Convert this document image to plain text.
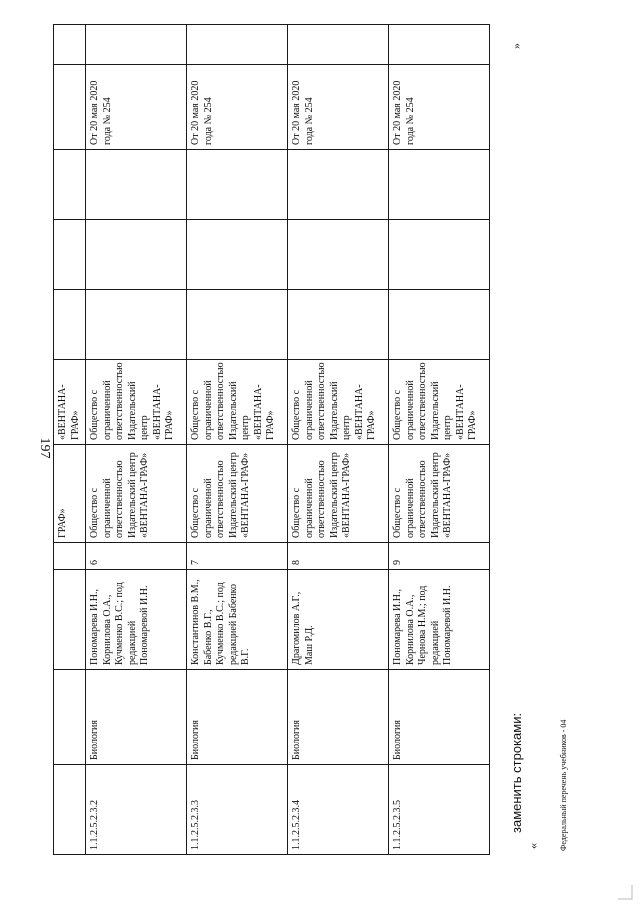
197
				ГРАФ»	«ВЕНТАНА-ГРАФ»					
1.1.2.5.2.3.2	Биология	Пономарева И.Н., Корнилова О.А., Кучменко В.С.; под редакцией Пономаревой И.Н.	6	Общество с ограниченной ответственностью Издательский центр «ВЕНТАНА-ГРАФ»	Общество с ограниченной ответственностью Издательский центр «ВЕНТАНА-ГРАФ»				От 20 мая 2020 года № 254	
1.1.2.5.2.3.3	Биология	Константинов В.М., Бабенко В.Г., Кучменко В.С.; под редакцией Бабенко В.Г.	7	Общество с ограниченной ответственностью Издательский центр «ВЕНТАНА-ГРАФ»	Общество с ограниченной ответственностью Издательский центр «ВЕНТАНА-ГРАФ»				От 20 мая 2020 года № 254	
1.1.2.5.2.3.4	Биология	Драгомилов А.Г., Маш Р.Д.	8	Общество с ограниченной ответственностью Издательский центр «ВЕНТАНА-ГРАФ»	Общество с ограниченной ответственностью Издательский центр «ВЕНТАНА-ГРАФ»				От 20 мая 2020 года № 254	
1.1.2.5.2.3.5	Биология	Пономарева И.Н., Корнилова О.А., Чернова Н.М.; под редакцией Пономаревой И.Н.	9	Общество с ограниченной ответственностью Издательский центр «ВЕНТАНА-ГРАФ»	Общество с ограниченной ответственностью Издательский центр «ВЕНТАНА-ГРАФ»				От 20 мая 2020 года № 254	
»
заменить строками:
« Федеральный перечень учебников - 04
